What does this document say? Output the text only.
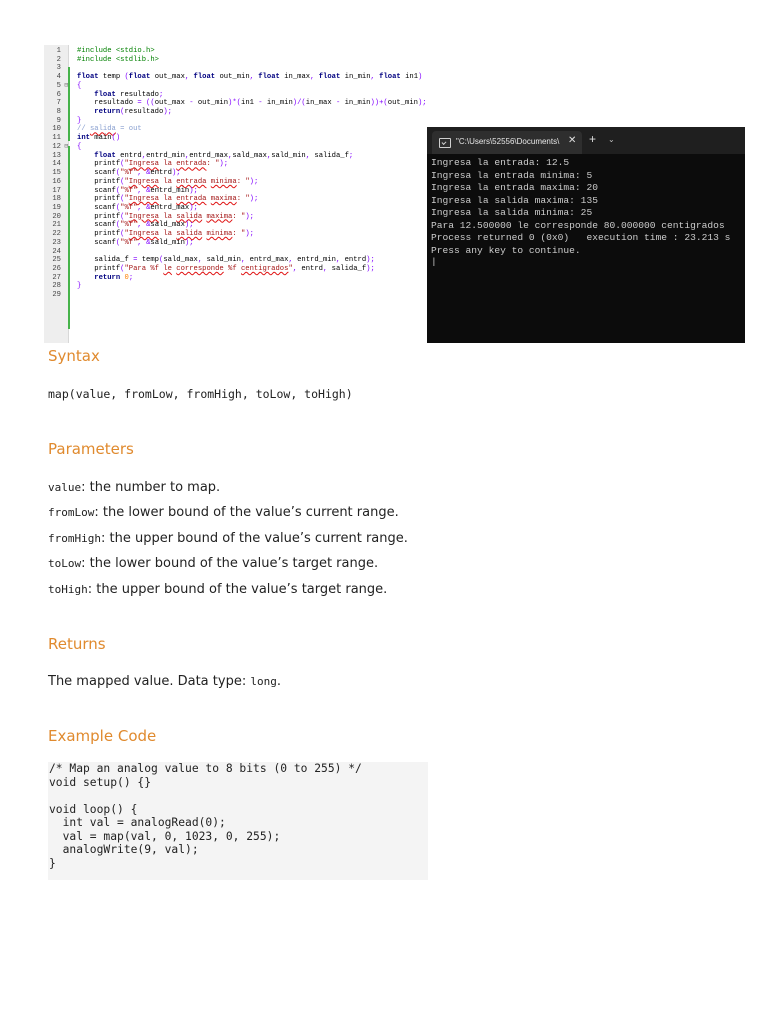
1 #include <stdio.h>
2 #include <stdlib.h>
3
4 float temp (float out_max, float out_min, float in_max, float in_min, float in1)
5 ⊟ {
6	float resultado;
7 resultado = ((out_max - out_min)*(in1 - in_min)/(in_max - in_min))+(out_min);
8	return(resultado);
9 }
10 // salida = out
11 int main()
12 ⊟ {
13	float entrd,entrd_min,entrd_max,sald_max,sald_min, salida_f;
14 printf("Ingresa la entrada: ");
15 scanf("%f", &entrd);
16 printf("Ingresa la entrada minima: ");
17 scanf("%f", &entrd_min);
18 printf("Ingresa la entrada maxima: ");
19 scanf("%f", &entrd_max);
20 printf("Ingresa la salida maxima: ");
21 scanf("%f", &sald_max);
22 printf("Ingresa la salida minima: ");
23 scanf("%f", &sald_min);
24
25 salida_f = temp(sald_max, sald_min, entrd_max, entrd_min, entrd);
26 printf("Para %f le corresponde %f centigrados", entrd, salida_f);
27	return 0;
28 }
29
"C:\Users\52556\Documents\ ✕ + ⌄
Ingresa la entrada: 12.5
Ingresa la entrada minima: 5
Ingresa la entrada maxima: 20
Ingresa la salida maxima: 135
Ingresa la salida minima: 25
Para 12.500000 le corresponde 80.000000 centigrados
Process returned 0 (0x0)   execution time : 23.213 s
Press any key to continue.
|
Syntax
map(value, fromLow, fromHigh, toLow, toHigh)
Parameters
value: the number to map.
fromLow: the lower bound of the value’s current range.
fromHigh: the upper bound of the value’s current range.
toLow: the lower bound of the value’s target range.
toHigh: the upper bound of the value’s target range.
Returns
The mapped value. Data type: long.
Example Code
/* Map an analog value to 8 bits (0 to 255) */
void setup() {}
void loop() {
int val = analogRead(0);
val = map(val, 0, 1023, 0, 255);
analogWrite(9, val);
}
